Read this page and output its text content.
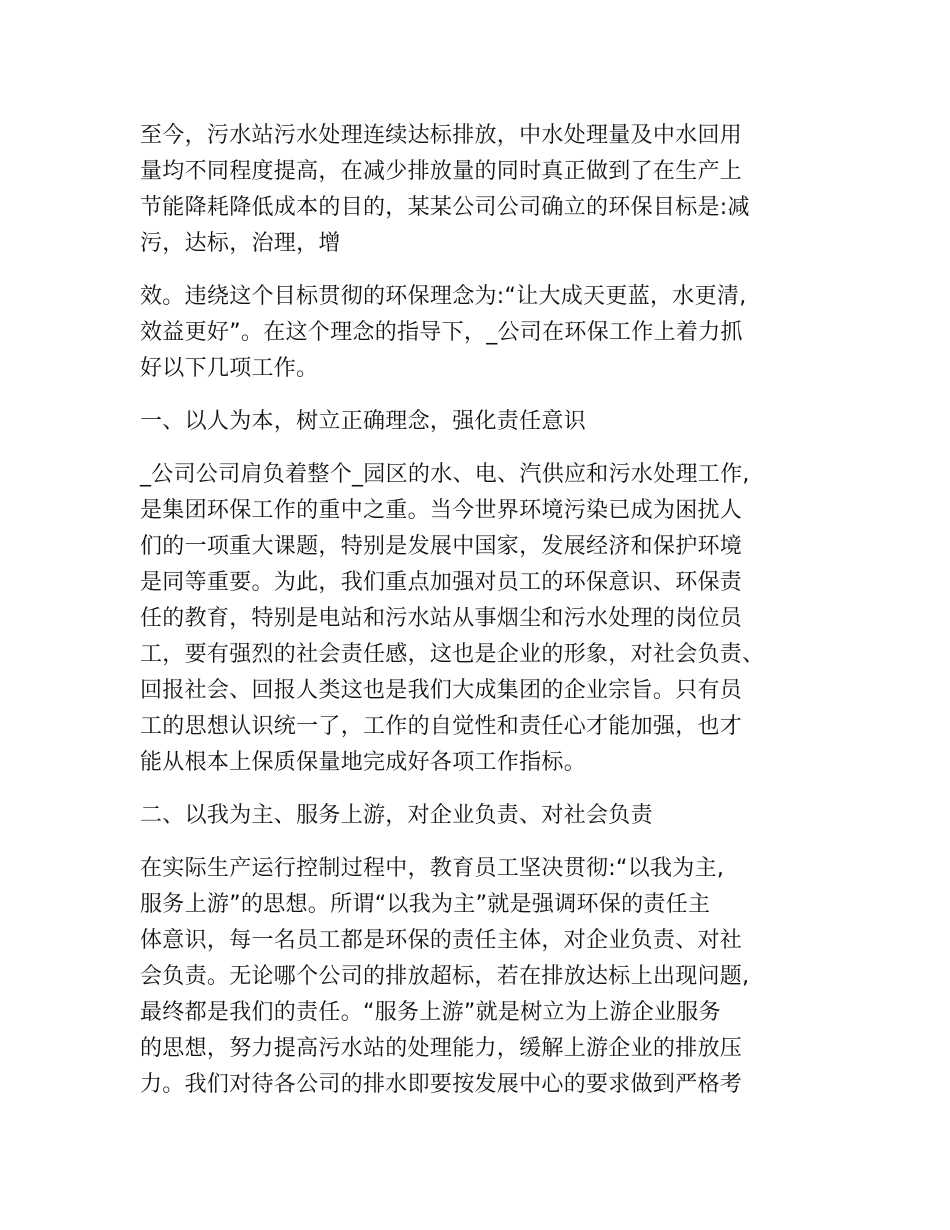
至今，污水站污水处理连续达标排放，中水处理量及中水回用
量均不同程度提高，在减少排放量的同时真正做到了在生产上
节能降耗降低成本的目的，某某公司公司确立的环保目标是:减
污，达标，治理，增
效。违绕这个目标贯彻的环保理念为:“让大成天更蓝，水更清,
效益更好”。在这个理念的指导下，_公司在环保工作上着力抓
好以下几项工作。
一、以人为本，树立正确理念，强化责任意识
_公司公司肩负着整个_园区的水、电、汽供应和污水处理工作,
是集团环保工作的重中之重。当今世界环境污染已成为困扰人
们的一项重大课题，特别是发展中国家，发展经济和保护环境
是同等重要。为此，我们重点加强对员工的环保意识、环保责
任的教育，特别是电站和污水站从事烟尘和污水处理的岗位员
工，要有强烈的社会责任感，这也是企业的形象，对社会负责、
回报社会、回报人类这也是我们大成集团的企业宗旨。只有员
工的思想认识统一了，工作的自觉性和责任心才能加强，也才
能从根本上保质保量地完成好各项工作指标。
二、以我为主、服务上游，对企业负责、对社会负责
在实际生产运行控制过程中，教育员工坚决贯彻:“以我为主,
服务上游”的思想。所谓“以我为主”就是强调环保的责任主
体意识，每一名员工都是环保的责任主体，对企业负责、对社
会负责。无论哪个公司的排放超标，若在排放达标上出现问题,
最终都是我们的责任。“服务上游”就是树立为上游企业服务
的思想，努力提高污水站的处理能力，缓解上游企业的排放压
力。我们对待各公司的排水即要按发展中心的要求做到严格考
